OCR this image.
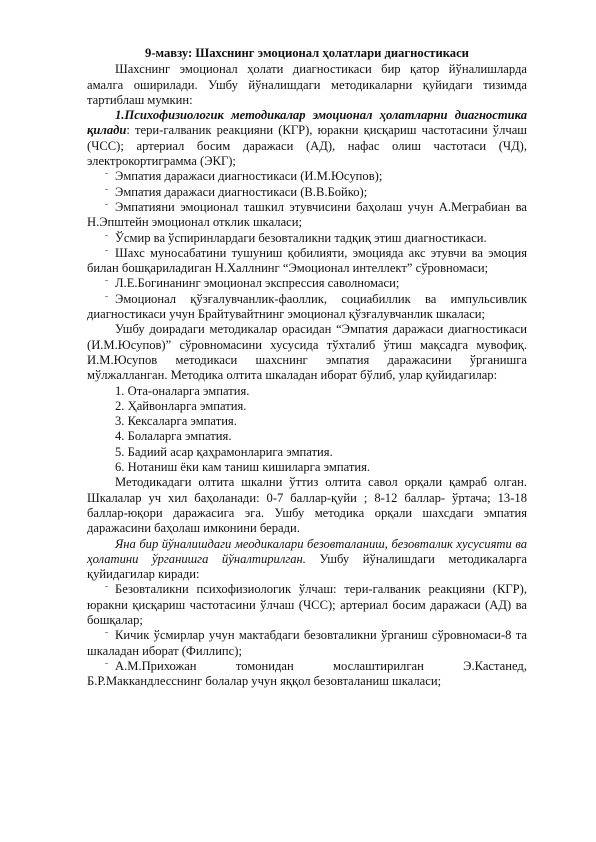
9-мавзу: Шахснинг эмоционал ҳолатлари диагностикаси

Шахснинг эмоционал ҳолати диагностикаси бир қатор йўналишларда амалга оширилади. Ушбу йўналишдаги методикаларни қуйидаги тизимда тартиблаш мумкин:

1.Психофизиологик методикалар эмоционал ҳолатларни диагностика қилади: тери-галваник реакцияни (КГР), юракни қисқариш частотасини ўлчаш (ЧСС); артериал босим даражаси (АД), нафас олиш частотаси (ЧД), электрокортиграмма (ЭКГ);

ˉ Эмпатия даражаси диагностикаси (И.М.Юсупов);
ˉ Эмпатия даражаси диагностикаси (В.В.Бойко);
ˉ Эмпатияни эмоционал ташкил этувчисини баҳолаш учун А.Меграбиан ва Н.Эпштейн эмоционал отклик шкаласи;
ˉ Ўсмир ва ўспиринлардаги безовталикни тадқиқ этиш диагностикаси.
ˉ Шахс муносабатини тушуниш қобилияти, эмоцияда акс этувчи ва эмоция билан бошқариладиган Н.Халлнинг “Эмоционал интеллект” сўровномаси;
ˉ Л.Е.Богинанинг эмоционал экспрессия саволномаси;
ˉ Эмоционал қўзғалувчанлик-фаоллик, социабиллик ва импульсивлик диагностикаси учун Брайтувайтнинг эмоционал қўзғалувчанлик шкаласи;

Ушбу доирадаги методикалар орасидан “Эмпатия даражаси диагностикаси (И.М.Юсупов)” сўровномасини хусусида тўхталиб ўтиш мақсадга мувофиқ. И.М.Юсупов методикаси шахснинг эмпатия даражасини ўрганишга мўлжалланган. Методика олтита шкаладан иборат бўлиб, улар қуйидагилар:

1. Ота-оналарга эмпатия.
2. Ҳайвонларга эмпатия.
3. Кексаларга эмпатия.
4. Болаларга эмпатия.
5. Бадиий асар қаҳрамонларига эмпатия.
6. Нотаниш ёки кам таниш кишиларга эмпатия.

Методикадаги олтита шкални ўттиз олтита савол орқали қамраб олган. Шкалалар уч хил баҳоланади: 0-7 баллар-қуйи ; 8-12 баллар- ўртача; 13-18 баллар-юқори даражасига эга. Ушбу методика орқали шахсдаги эмпатия даражасини баҳолаш имконини беради.

Яна бир йўналишдаги меодикалари безовталаниш, безовталик хусусияти ва ҳолатини ўрганишга йўналтирилган. Ушбу йўналишдаги методикаларга қуйидагилар киради:

ˉ Безовталикни психофизиологик ўлчаш: тери-галваник реакцияни (КГР), юракни қисқариш частотасини ўлчаш (ЧСС); артериал босим даражаси (АД) ва бошқалар;
ˉ Кичик ўсмирлар учун мактабдаги безовталикни ўрганиш сўровномаси-8 та шкаладан иборат (Филлипс);
ˉ А.М.Прихожан томонидан мослаштирилган Э.Кастанед, Б.Р.Маккандлесснинг болалар учун яққол безовталаниш шкаласи;
